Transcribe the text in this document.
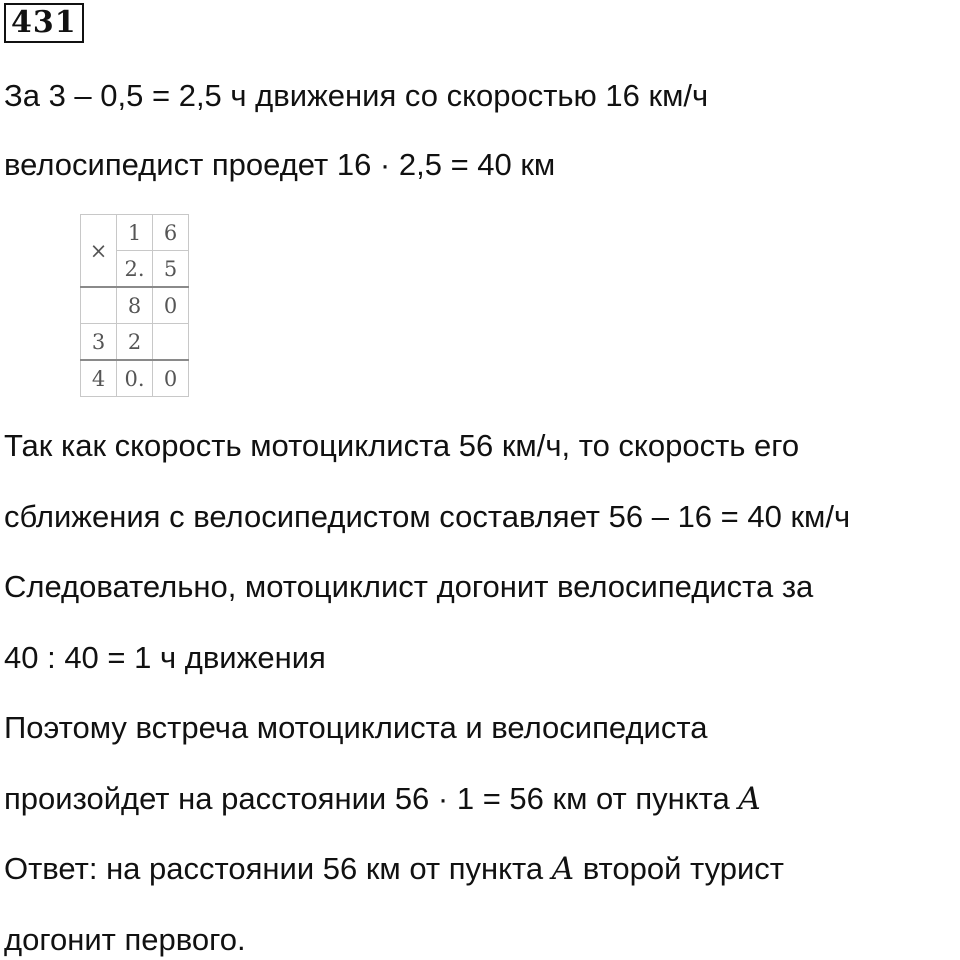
431
За 3 – 0,5 = 2,5 ч движения со скоростью 16 км/ч
велосипедист проедет 16 · 2,5 = 40 км
×	1	6
	2.	5
	8	0
3	2	
4	0.	0
Так как скорость мотоциклиста 56 км/ч, то скорость его
сближения с велосипедистом составляет 56 – 16 = 40 км/ч
Следовательно, мотоциклист догонит велосипедиста за
40 : 40 = 1 ч движения
Поэтому встреча мотоциклиста и велосипедиста
произойдет на расстоянии 56 · 1 = 56 км от пункта A
Ответ: на расстоянии 56 км от пункта A второй турист
догонит первого.
